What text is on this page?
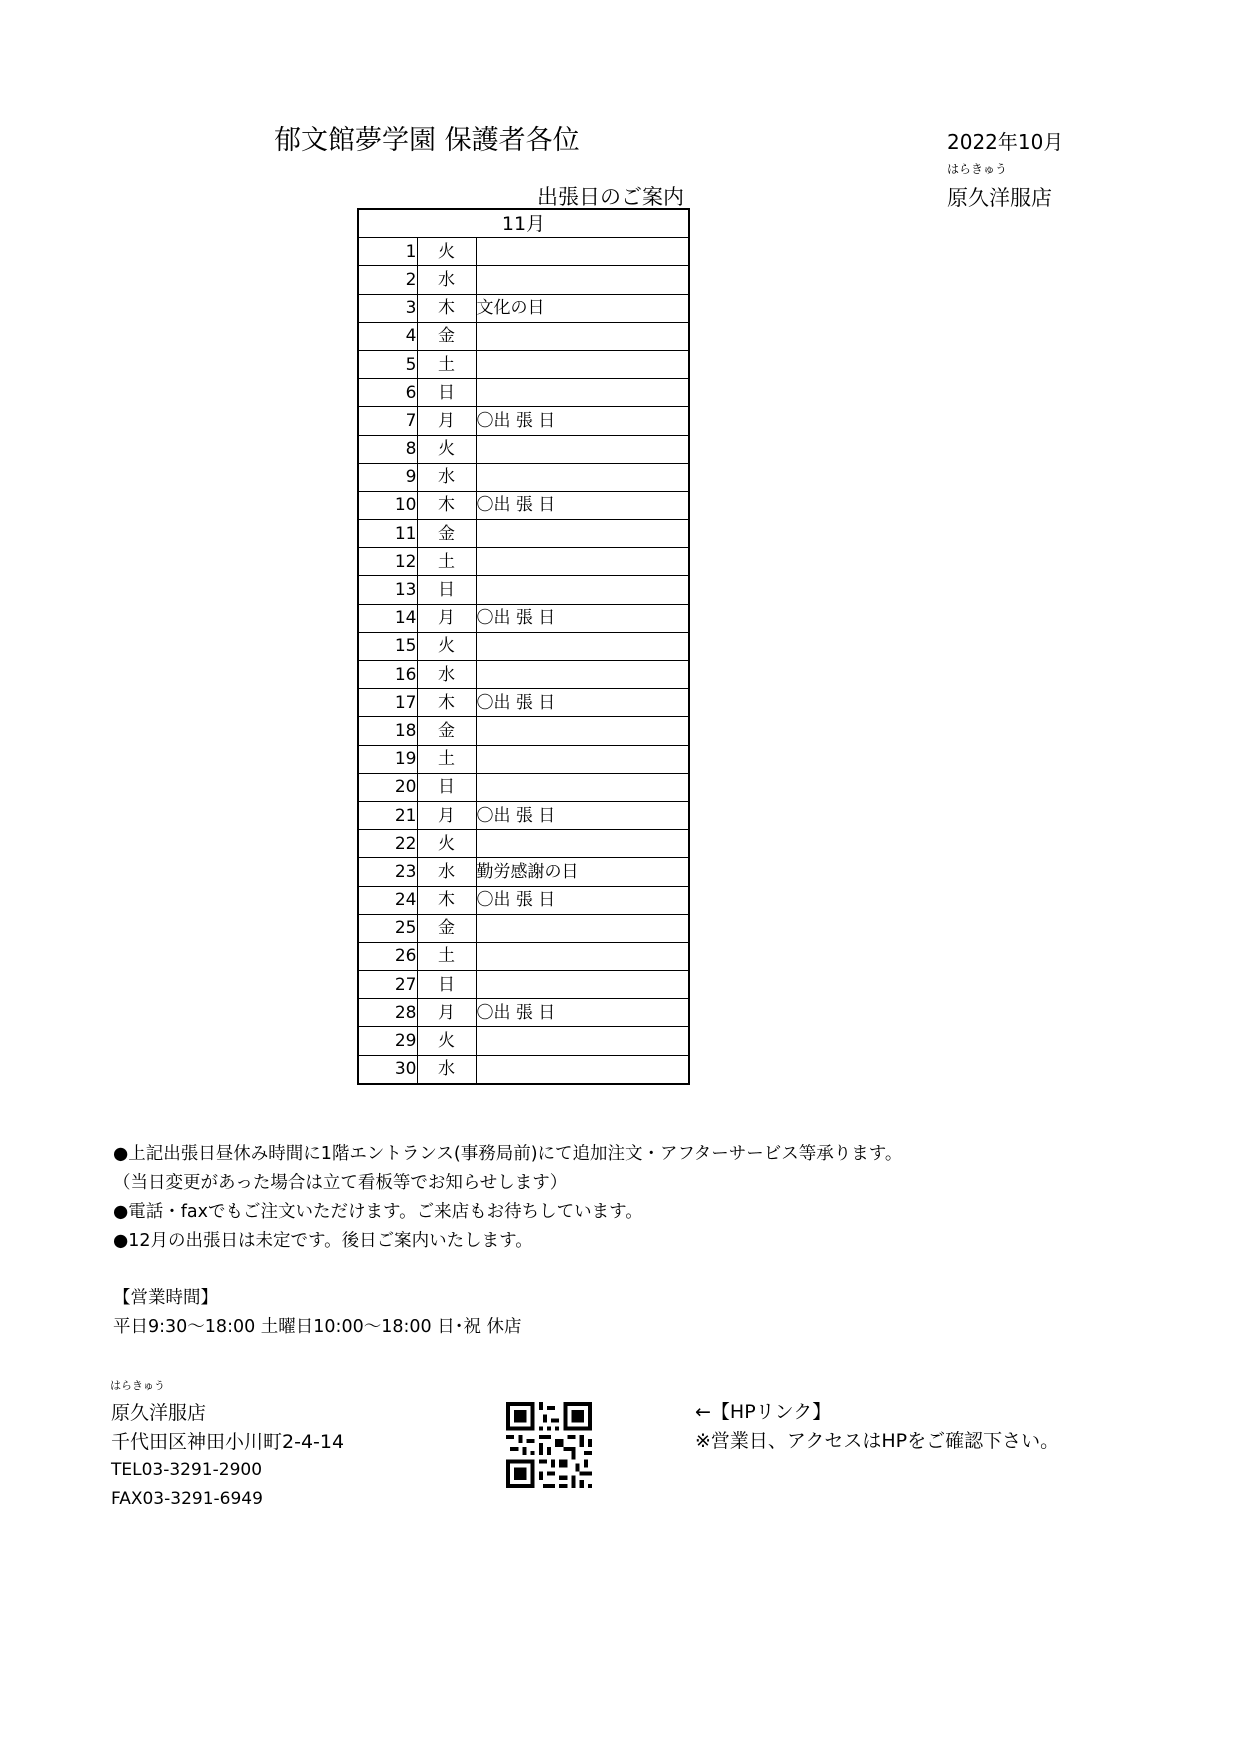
郁文館夢学園 保護者各位	2022年10月
はらきゅう
原久洋服店
出張日のご案内
11月		
1	火	
2	水	
3	木	文化の日
4	金	
5	土	
6	日	
7	月	〇出 張 日
8	火	
9	水	
10	木	〇出 張 日
11	金	
12	土	
13	日	
14	月	〇出 張 日
15	火	
16	水	
17	木	〇出 張 日
18	金	
19	土	
20	日	
21	月	〇出 張 日
22	火	
23	水	勤労感謝の日
24	木	〇出 張 日
25	金	
26	土	
27	日	
28	月	〇出 張 日
29	火	
30	水	
●上記出張日昼休み時間に1階エントランス(事務局前)にて追加注文・アフターサービス等承ります。
（当日変更があった場合は立て看板等でお知らせします）
●電話・faxでもご注文いただけます。ご来店もお待ちしています。
●12月の出張日は未定です。後日ご案内いたします。
【営業時間】
平日9:30～18:00 土曜日10:00～18:00 日･祝 休店
はらきゅう
原久洋服店
千代田区神田小川町2-4-14
TEL03-3291-2900
FAX03-3291-6949
←【HPリンク】
※営業日、アクセスはHPをご確認下さい。
